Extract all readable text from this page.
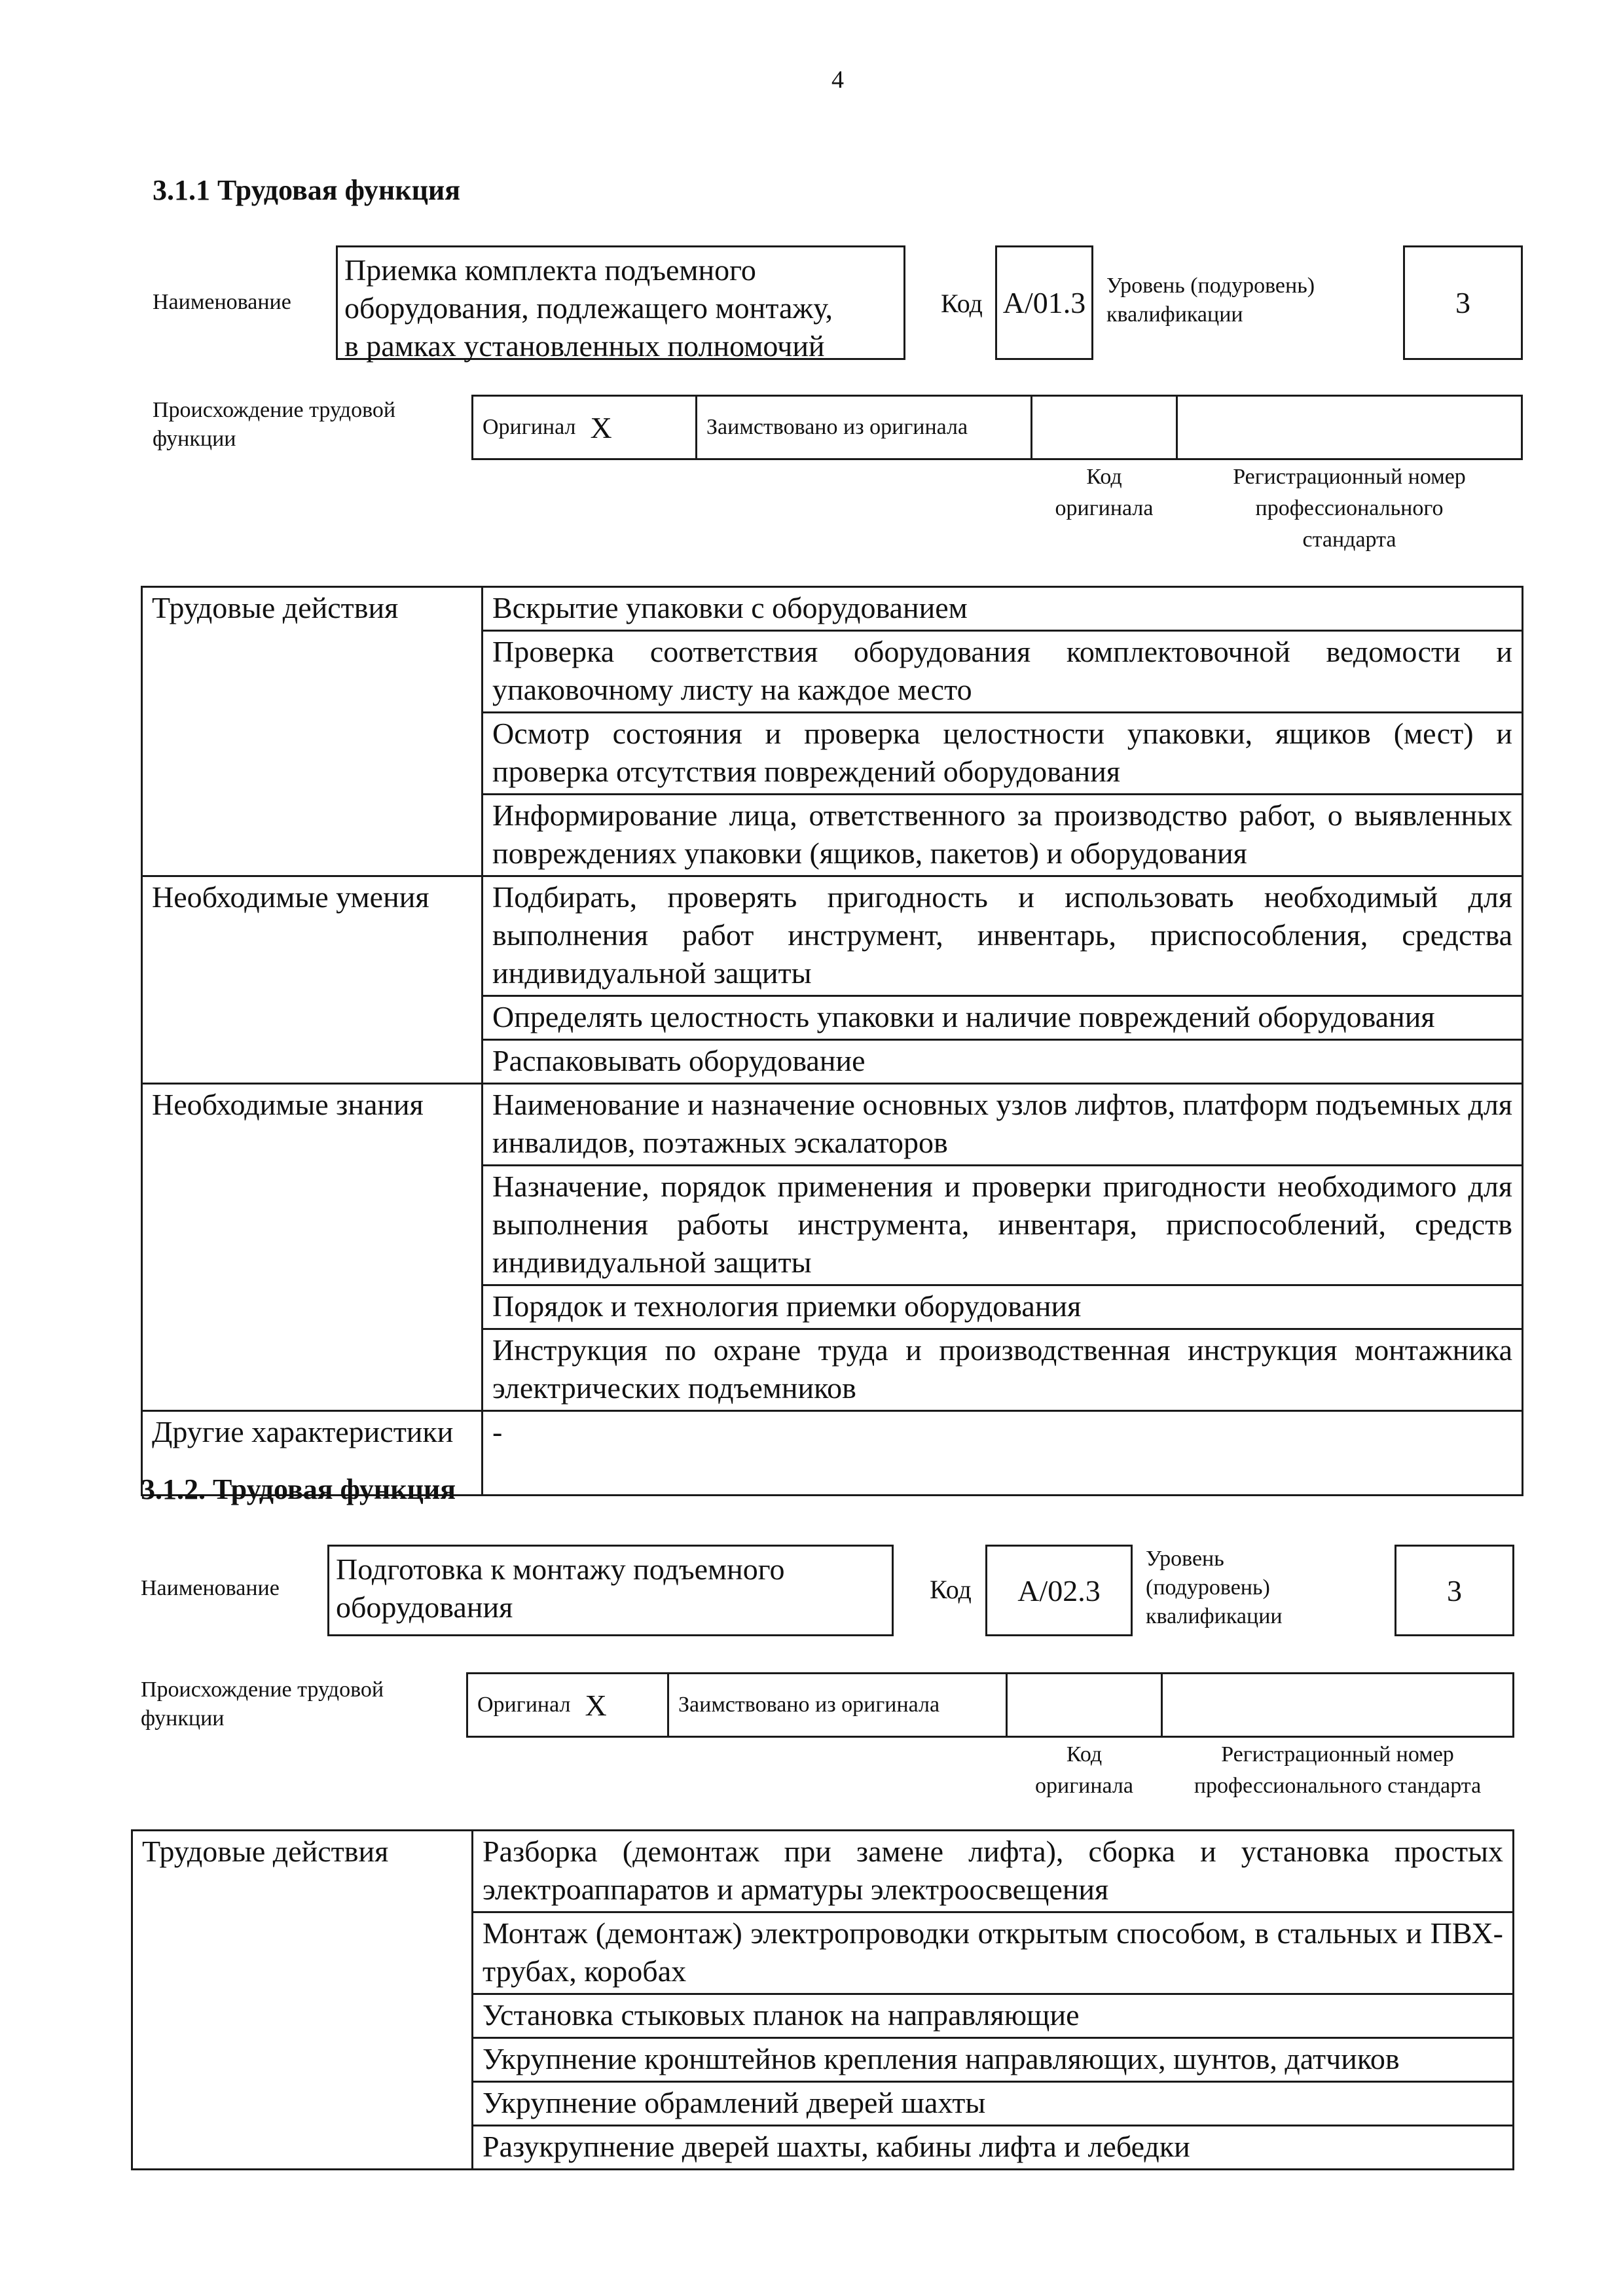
4
3.1.1 Трудовая функция
Наименование
Приемка комплекта подъемного
оборудования, подлежащего монтажу,
в рамках установленных полномочий
Код А/01.3
Уровень (подуровень)
квалификации	3
Происхождение трудовой
функции	Оригинал X	Заимствовано из оригинала
Код
оригинала
Регистрационный номер
профессионального
стандарта
Трудовые действия	Вскрытие упаковки с оборудованием
	Проверка соответствия оборудования комплектовочной ведомости и упаковочному листу на каждое место
	Осмотр состояния и проверка целостности упаковки, ящиков (мест) и проверка отсутствия повреждений оборудования
	Информирование лица, ответственного за производство работ, о выявленных повреждениях упаковки (ящиков, пакетов) и оборудования
Необходимые умения	Подбирать, проверять пригодность и использовать необходимый для выполнения работ инструмент, инвентарь, приспособления, средства индивидуальной защиты
	Определять целостность упаковки и наличие повреждений оборудования
	Распаковывать оборудование
Необходимые знания	Наименование и назначение основных узлов лифтов, платформ подъемных для инвалидов, поэтажных эскалаторов
	Назначение, порядок применения и проверки пригодности необходимого для выполнения работы инструмента, инвентаря, приспособлений, средств индивидуальной защиты
	Порядок и технология приемки оборудования
	Инструкция по охране труда и производственная инструкция монтажника электрических подъемников
Другие характеристики	-
3.1.2. Трудовая функция
Наименование
Подготовка к монтажу подъемного
оборудования
Код А/02.3
Уровень
(подуровень)
квалификации
3
Происхождение трудовой
функции
Оригинал X	Заимствовано из оригинала
Код
оригинала
Регистрационный номер
профессионального стандарта
Трудовые действия	Разборка (демонтаж при замене лифта), сборка и установка простых электроаппаратов и арматуры электроосвещения
Монтаж (демонтаж) электропроводки открытым способом, в стальных и ПВХ-трубах, коробах
Установка стыковых планок на направляющие
Укрупнение кронштейнов крепления направляющих, шунтов, датчиков
Укрупнение обрамлений дверей шахты
Разукрупнение дверей шахты, кабины лифта и лебедки
